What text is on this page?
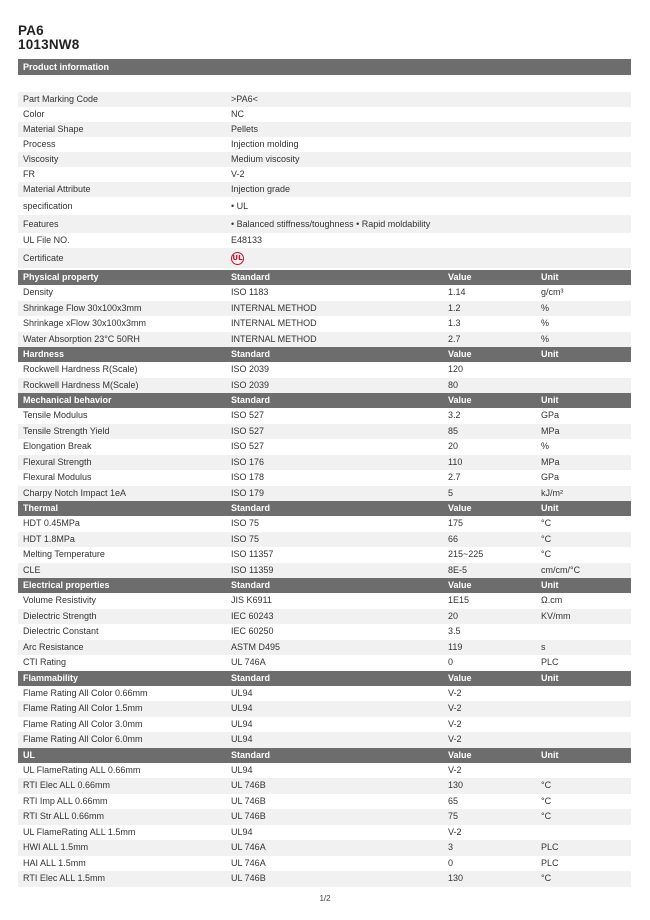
PA6
1013NW8
Product information
Part Marking Code	>PA6<
Color	NC
Material Shape	Pellets
Process	Injection molding
Viscosity	Medium viscosity
FR	V-2
Material Attribute	Injection grade
specification	• UL
Features	• Balanced stiffness/toughness • Rapid moldability
UL File NO.	E48133
Certificate	UL
Physical property	Standard	Value	Unit
Density	ISO 1183	1.14	g/cm³
Shrinkage Flow 30x100x3mm	INTERNAL METHOD	1.2	%
Shrinkage xFlow 30x100x3mm	INTERNAL METHOD	1.3	%
Water Absorption 23°C 50RH	INTERNAL METHOD	2.7	%
Hardness	Standard	Value	Unit
Rockwell Hardness R(Scale)	ISO 2039	120
Rockwell Hardness M(Scale)	ISO 2039	80
Mechanical behavior	Standard	Value	Unit
Tensile Modulus	ISO 527	3.2	GPa
Tensile Strength Yield	ISO 527	85	MPa
Elongation Break	ISO 527	20	%
Flexural Strength	ISO 176	110	MPa
Flexural Modulus	ISO 178	2.7	GPa
Charpy Notch Impact 1eA	ISO 179	5	kJ/m²
Thermal	Standard	Value	Unit
HDT 0.45MPa	ISO 75	175	°C
HDT 1.8MPa	ISO 75	66	°C
Melting Temperature	ISO 11357	215~225	°C
CLE	ISO 11359	8E-5	cm/cm/°C
Electrical properties	Standard	Value	Unit
Volume Resistivity	JIS K6911	1E15	Ω.cm
Dielectric Strength	IEC 60243	20	KV/mm
Dielectric Constant	IEC 60250	3.5
Arc Resistance	ASTM D495	119	s
CTI Rating	UL 746A	0	PLC
Flammability	Standard	Value	Unit
Flame Rating All Color 0.66mm	UL94	V-2
Flame Rating All Color 1.5mm	UL94	V-2
Flame Rating All Color 3.0mm	UL94	V-2
Flame Rating All Color 6.0mm	UL94	V-2
UL	Standard	Value	Unit
UL FlameRating ALL 0.66mm	UL94	V-2
RTI Elec ALL 0.66mm	UL 746B	130	°C
RTI Imp ALL 0.66mm	UL 746B	65	°C
RTI Str ALL 0.66mm	UL 746B	75	°C
UL FlameRating ALL 1.5mm	UL94	V-2
HWI ALL 1.5mm	UL 746A	3	PLC
HAI ALL 1.5mm	UL 746A	0	PLC
RTI Elec ALL 1.5mm	UL 746B	130	°C
1/2
